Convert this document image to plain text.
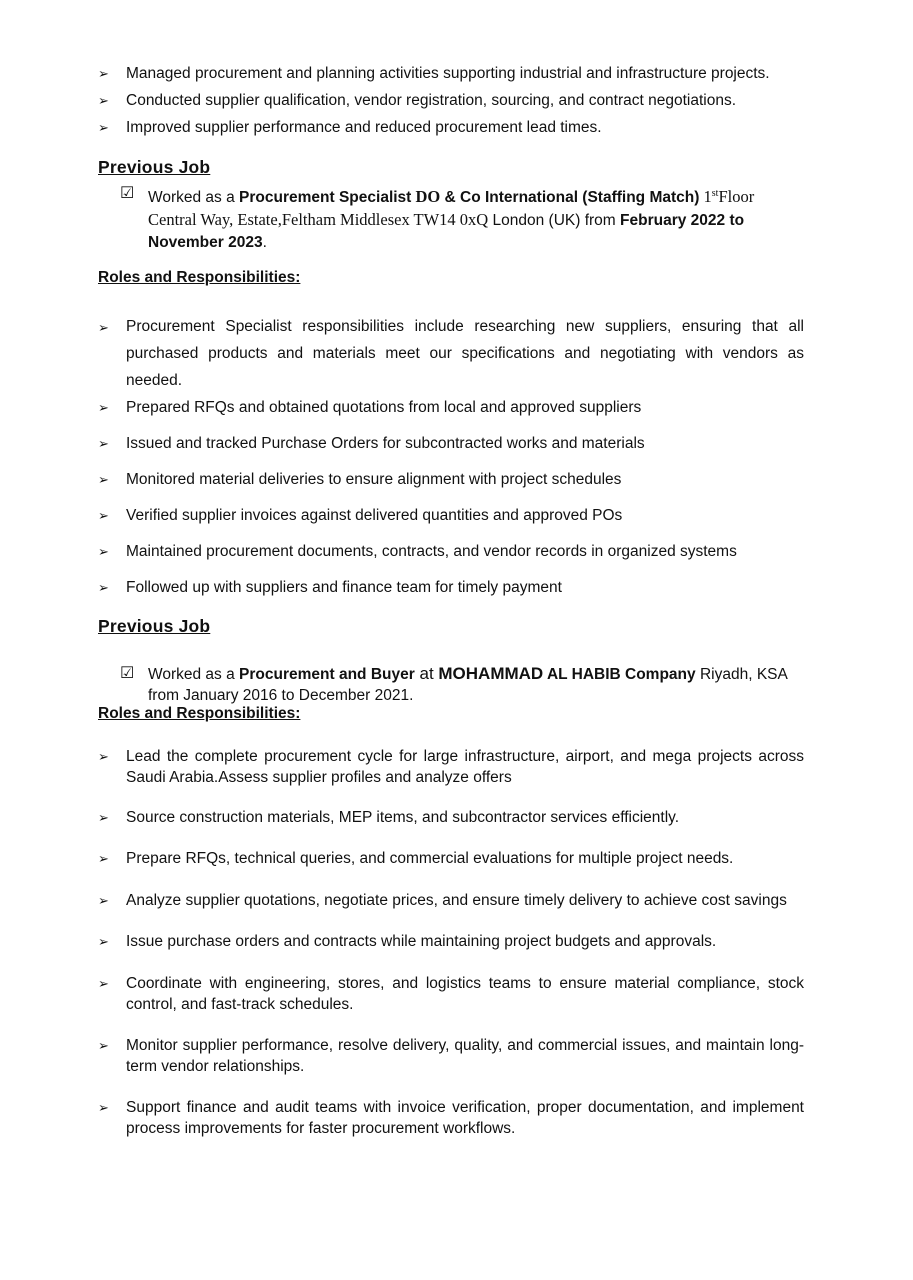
➢ Managed procurement and planning activities supporting industrial and infrastructure projects.
➢ Conducted supplier qualification, vendor registration, sourcing, and contract negotiations.
➢ Improved supplier performance and reduced procurement lead times.
Previous Job
☑ Worked as a Procurement Specialist DO & Co International (Staffing Match) 1stFloor
Central Way, Estate,Feltham Middlesex TW14 0xQ London (UK) from February 2022 to
November 2023.
Roles and Responsibilities:
➢ Procurement Specialist responsibilities include researching new suppliers, ensuring that all purchased products and materials meet our specifications and negotiating with vendors as needed.
➢ Prepared RFQs and obtained quotations from local and approved suppliers
➢ Issued and tracked Purchase Orders for subcontracted works and materials
➢ Monitored material deliveries to ensure alignment with project schedules
➢ Verified supplier invoices against delivered quantities and approved POs
➢ Maintained procurement documents, contracts, and vendor records in organized systems
➢ Followed up with suppliers and finance team for timely payment
Previous Job
☑ Worked as a Procurement and Buyer at MOHAMMAD AL HABIB Company Riyadh, KSA
from January 2016 to December 2021.
Roles and Responsibilities:
➢ Lead the complete procurement cycle for large infrastructure, airport, and mega projects across Saudi Arabia.Assess supplier profiles and analyze offers
➢ Source construction materials, MEP items, and subcontractor services efficiently.
➢ Prepare RFQs, technical queries, and commercial evaluations for multiple project needs.
➢ Analyze supplier quotations, negotiate prices, and ensure timely delivery to achieve cost savings
➢ Issue purchase orders and contracts while maintaining project budgets and approvals.
➢ Coordinate with engineering, stores, and logistics teams to ensure material compliance, stock control, and fast-track schedules.
➢ Monitor supplier performance, resolve delivery, quality, and commercial issues, and maintain long-term vendor relationships.
➢ Support finance and audit teams with invoice verification, proper documentation, and implement process improvements for faster procurement workflows.
